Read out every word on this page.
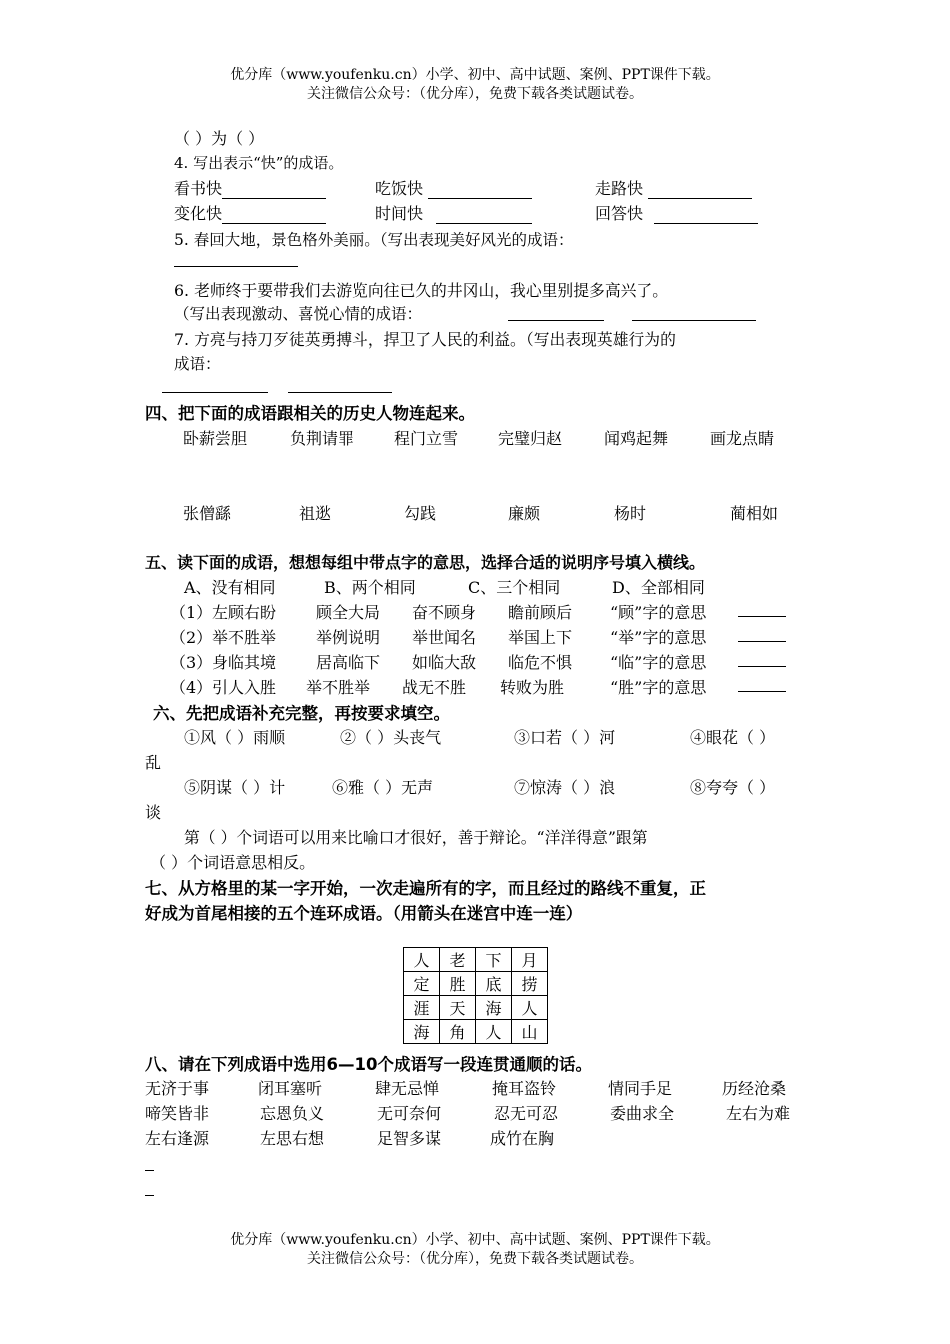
优分库（www.youfenku.cn）小学、初中、高中试题、案例、PPT课件下载。
关注微信公众号：（优分库），免费下载各类试题试卷。
（ ）为（ ）
4. 写出表示“快”的成语。
看书快	吃饭快	走路快
变化快	时间快	回答快
5. 春回大地，景色格外美丽。（写出表现美好风光的成语：
6. 老师终于要带我们去游览向往已久的井冈山，我心里别提多高兴了。
（写出表现激动、喜悦心情的成语：
7. 方亮与持刀歹徒英勇搏斗，捍卫了人民的利益。（写出表现英雄行为的
成语：
四、把下面的成语跟相关的历史人物连起来。
卧薪尝胆	负荆请罪 程门立雪 完璧归赵	闻鸡起舞	画龙点睛
张僧繇	祖逖	勾践	廉颇	杨时	蔺相如
五、读下面的成语，想想每组中带点字的意思，选择合适的说明序号填入横线。
A、没有相同	B、两个相同	C、三个相同	D、全部相同
（1） 左顾右盼 顾全大局 奋不顾身 瞻前顾后 “顾”字的意思
（2） 举不胜举 举例说明 举世闻名 举国上下 “举”字的意思
（3） 身临其境 居高临下 如临大敌 临危不惧 “临”字的意思
（4） 引人入胜 举不胜举 战无不胜 转败为胜	“胜”字的意思
六、先把成语补充完整，再按要求填空。
①风（ ）雨顺	②（ ）头丧气	③口若（ ）河	④眼花（ ）
乱
⑤阴谋（ ）计	⑥雅（ ）无声	⑦惊涛（ ）浪	⑧夸夸（ ）
谈
第（ ）个词语可以用来比喻口才很好，善于辩论。“洋洋得意”跟第
（ ）个词语意思相反。
七、从方格里的某一字开始，一次走遍所有的字，而且经过的路线不重复，正
好成为首尾相接的五个连环成语。（用箭头在迷宫中连一连）
人	老	下	月
定	胜	底	捞
涯	天	海	人
海	角	人	山
八、请在下列成语中选用6—10个成语写一段连贯通顺的话。
无济于事	闭耳塞听	肆无忌惮	掩耳盗铃	情同手足	历经沧桑
啼笑皆非	忘恩负义	无可奈何	忍无可忍	委曲求全	左右为难
左右逢源	左思右想	足智多谋	成竹在胸
优分库（www.youfenku.cn）小学、初中、高中试题、案例、PPT课件下载。
关注微信公众号：（优分库），免费下载各类试题试卷。
